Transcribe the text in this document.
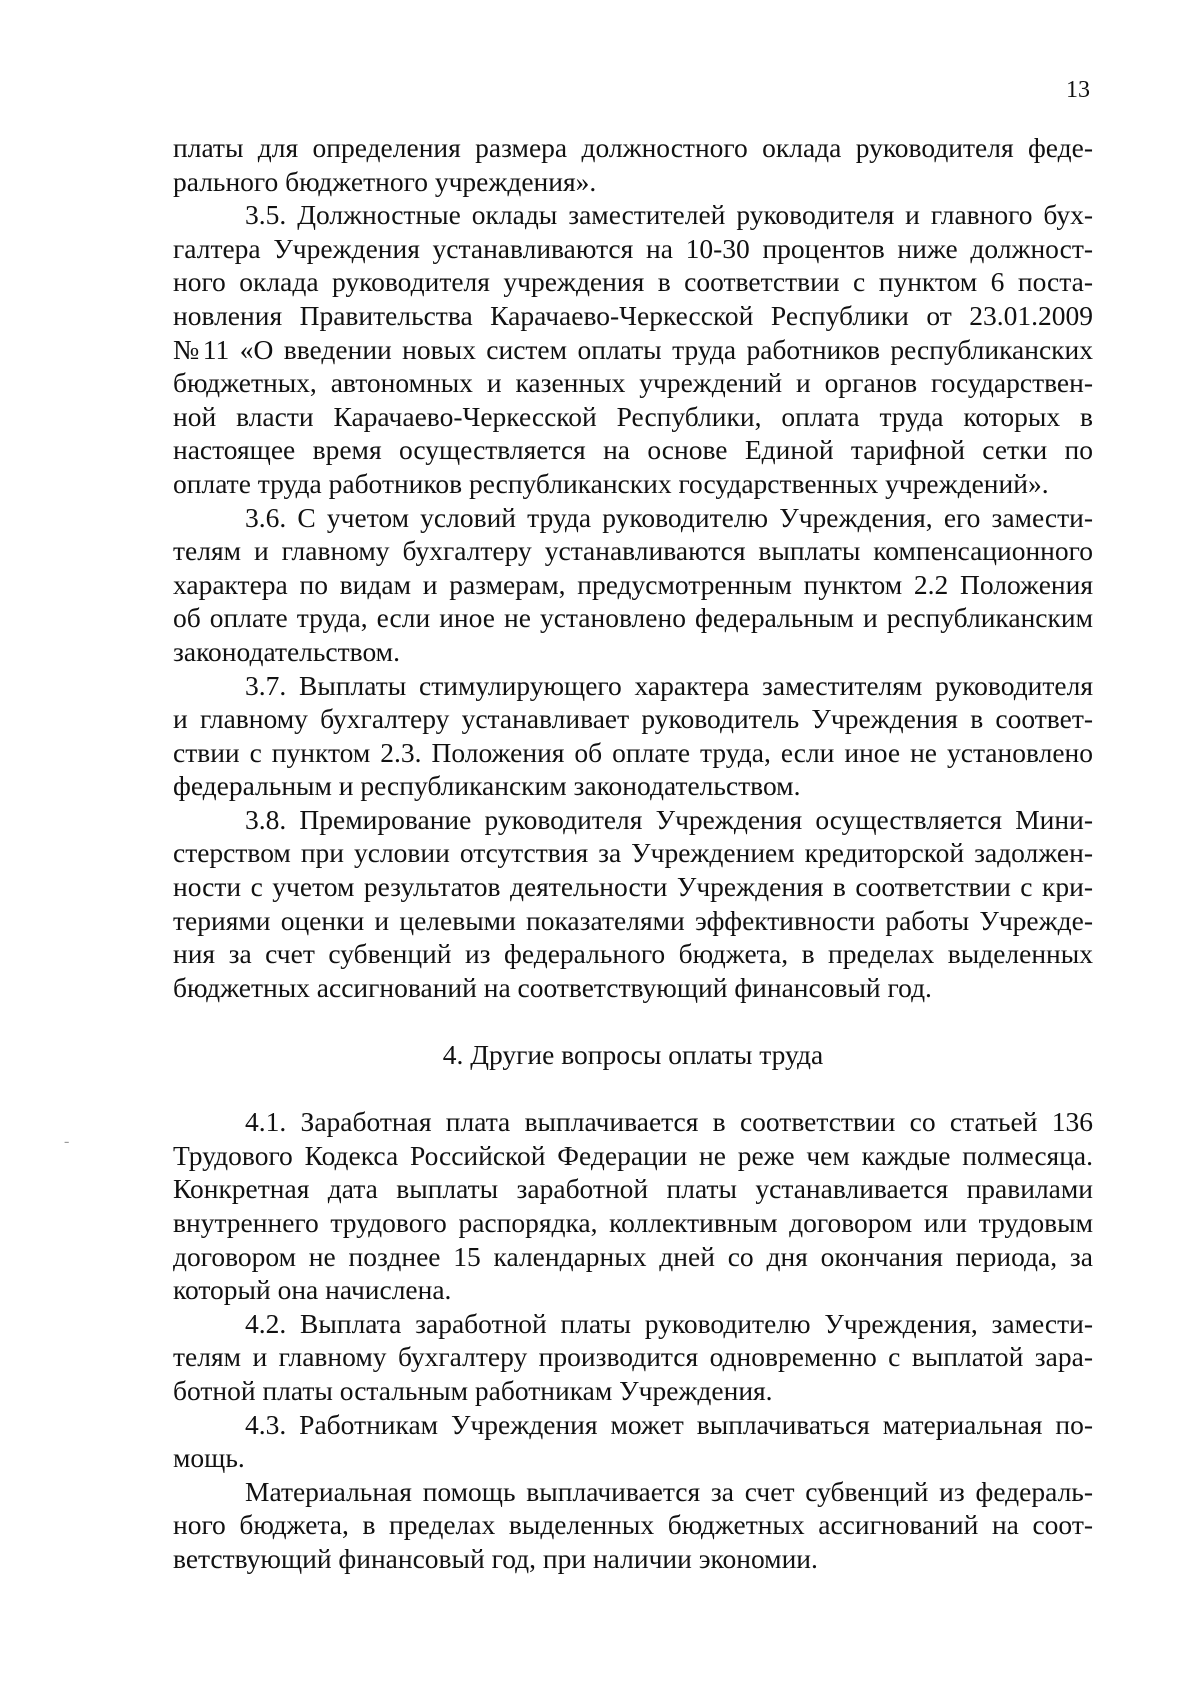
13
-
платы для определения размера должностного оклада руководителя феде-
рального бюджетного учреждения».
3.5. Должностные оклады заместителей руководителя и главного бух-
галтера Учреждения устанавливаются на 10-30 процентов ниже должност-
ного оклада руководителя учреждения в соответствии с пунктом 6 поста-
новления Правительства Карачаево-Черкесской Республики от 23.01.2009
№11 «О введении новых систем оплаты труда работников республиканских
бюджетных, автономных и казенных учреждений и органов государствен-
ной власти Карачаево-Черкесской Республики, оплата труда которых в
настоящее время осуществляется на основе Единой тарифной сетки по
оплате труда работников республиканских государственных учреждений».
3.6. С учетом условий труда руководителю Учреждения, его замести-
телям и главному бухгалтеру устанавливаются выплаты компенсационного
характера по видам и размерам, предусмотренным пунктом 2.2 Положения
об оплате труда, если иное не установлено федеральным и республиканским
законодательством.
3.7. Выплаты стимулирующего характера заместителям руководителя
и главному бухгалтеру устанавливает руководитель Учреждения в соответ-
ствии с пунктом 2.3. Положения об оплате труда, если иное не установлено
федеральным и республиканским законодательством.
3.8. Премирование руководителя Учреждения осуществляется Мини-
стерством при условии отсутствия за Учреждением кредиторской задолжен-
ности с учетом результатов деятельности Учреждения в соответствии с кри-
териями оценки и целевыми показателями эффективности работы Учрежде-
ния за счет субвенций из федерального бюджета, в пределах выделенных
бюджетных ассигнований на соответствующий финансовый год.
4. Другие вопросы оплаты труда
4.1. Заработная плата выплачивается в соответствии со статьей 136
Трудового Кодекса Российской Федерации не реже чем каждые полмесяца.
Конкретная дата выплаты заработной платы устанавливается правилами
внутреннего трудового распорядка, коллективным договором или трудовым
договором не позднее 15 календарных дней со дня окончания периода, за
который она начислена.
4.2. Выплата заработной платы руководителю Учреждения, замести-
телям и главному бухгалтеру производится одновременно с выплатой зара-
ботной платы остальным работникам Учреждения.
4.3. Работникам Учреждения может выплачиваться материальная по-
мощь.
Материальная помощь выплачивается за счет субвенций из федераль-
ного бюджета, в пределах выделенных бюджетных ассигнований на соот-
ветствующий финансовый год, при наличии экономии.
